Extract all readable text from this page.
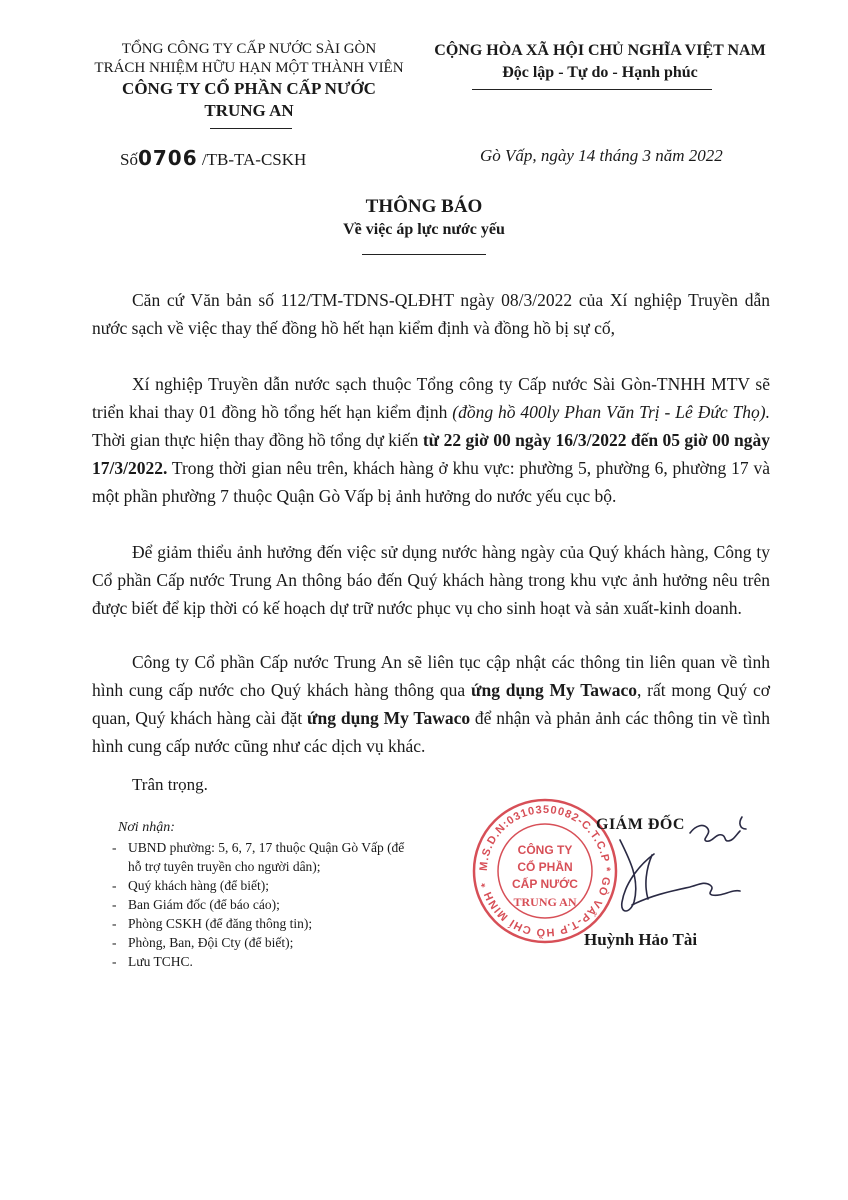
TỔNG CÔNG TY CẤP NƯỚC SÀI GÒN
TRÁCH NHIỆM HỮU HẠN MỘT THÀNH VIÊN
CÔNG TY CỔ PHẦN CẤP NƯỚC
TRUNG AN
CỘNG HÒA XÃ HỘI CHỦ NGHĨA VIỆT NAM
Độc lập - Tự do - Hạnh phúc
Số0706 /TB-TA-CSKH	Gò Vấp, ngày 14 tháng 3 năm 2022
THÔNG BÁO
Về việc áp lực nước yếu

Căn cứ Văn bản số 112/TM-TDNS-QLĐHT ngày 08/3/2022 của Xí nghiệp Truyền dẫn nước sạch về việc thay thế đồng hồ hết hạn kiểm định và đồng hồ bị sự cố,

Xí nghiệp Truyền dẫn nước sạch thuộc Tổng công ty Cấp nước Sài Gòn-TNHH MTV sẽ triển khai thay 01 đồng hồ tổng hết hạn kiểm định (đồng hồ 400ly Phan Văn Trị - Lê Đức Thọ). Thời gian thực hiện thay đồng hồ tổng dự kiến từ 22 giờ 00 ngày 16/3/2022 đến 05 giờ 00 ngày 17/3/2022. Trong thời gian nêu trên, khách hàng ở khu vực: phường 5, phường 6, phường 17 và một phần phường 7 thuộc Quận Gò Vấp bị ảnh hưởng do nước yếu cục bộ.

Để giảm thiểu ảnh hưởng đến việc sử dụng nước hàng ngày của Quý khách hàng, Công ty Cổ phần Cấp nước Trung An thông báo đến Quý khách hàng trong khu vực ảnh hưởng nêu trên được biết để kịp thời có kế hoạch dự trữ nước phục vụ cho sinh hoạt và sản xuất-kinh doanh.

Công ty Cổ phần Cấp nước Trung An sẽ liên tục cập nhật các thông tin liên quan về tình hình cung cấp nước cho Quý khách hàng thông qua ứng dụng My Tawaco, rất mong Quý cơ quan, Quý khách hàng cài đặt ứng dụng My Tawaco để nhận và phản ảnh các thông tin về tình hình cung cấp nước cũng như các dịch vụ khác.

Trân trọng.
Nơi nhận:
- UBND phường: 5, 6, 7, 17 thuộc Quận Gò Vấp (để hỗ trợ tuyên truyền cho người dân);
- Quý khách hàng (để biết);
- Ban Giám đốc (để báo cáo);
- Phòng CSKH (để đăng thông tin);
- Phòng, Ban, Đội Cty (để biết);
- Lưu TCHC.
M.S.D.N:0310350082-C.T.C.P * GÒ VẤP-T.P HỒ CHÍ MINH *
CÔNG TY
CỔ PHẦN
CẤP NƯỚC
TRUNG AN
GIÁM ĐỐC
Huỳnh Hảo Tài
